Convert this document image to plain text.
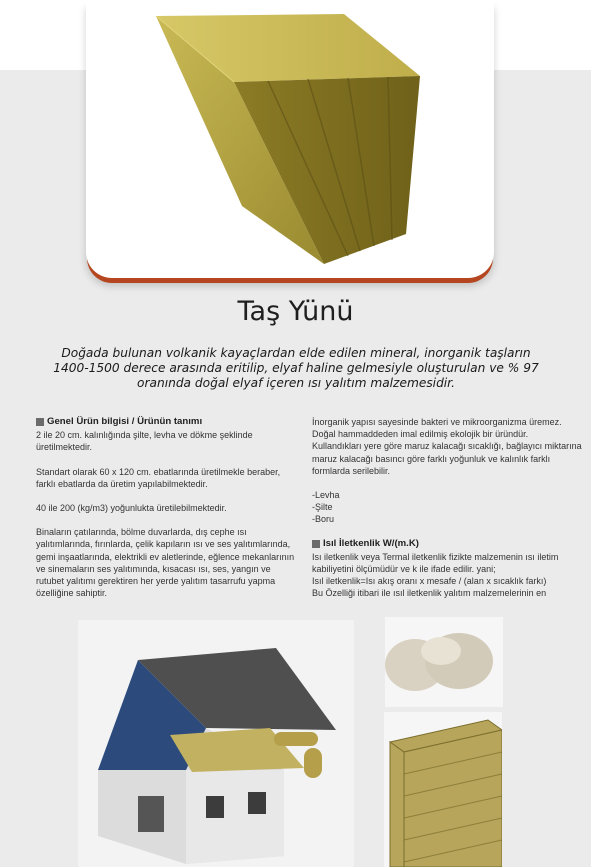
Taş Yünü
Doğada bulunan volkanik kayaçlardan elde edilen mineral, inorganik taşların 1400-1500 derece arasında eritilip, elyaf haline gelmesiyle oluşturulan ve % 97 oranında doğal elyaf içeren ısı yalıtım malzemesidir.
Genel Ürün bilgisi / Ürünün tanımı

2 ile 20 cm. kalınlığında şilte, levha ve dökme şeklinde üretilmektedir.

Standart olarak 60 x 120 cm. ebatlarında üretilmekle beraber, farklı ebatlarda da üretim yapılabilmektedir.

40 ile 200 (kg/m3) yoğunlukta üretilebilmektedir.

Binaların çatılarında, bölme duvarlarda, dış cephe ısı yalıtımlarında, fırınlarda, çelik kapıların ısı ve ses yalıtımlarında, gemi inşaatlarında, elektrikli ev aletlerinde, eğlence mekanlarının ve sinemaların ses yalıtımında, kısacası ısı, ses, yangın ve rutubet yalıtımı gerektiren her yerde yalıtım tasarrufu yapma özelliğine sahiptir.

İnorganik yapısı sayesinde bakteri ve mikroorganizma üremez. Doğal hammaddeden imal edilmiş ekolojik bir üründür.

Kullandıkları yere göre maruz kalacağı sıcaklığı, bağlayıcı miktarına maruz kalacağı basıncı göre farklı yoğunluk ve kalınlık farklı formlarda serilebilir.

-Levha
-Şilte
-Boru
Isıl İletkenlik W/(m.K)

Isı iletkenlik veya Termal iletkenlik fizikte malzemenin ısı iletim kabiliyetini ölçümüdür ve k ile ifade edilir. yani;

Isıl iletkenlik=Isı akış oranı x mesafe / (alan x sıcaklık farkı)

Bu Özelliği itibari ile ısıl iletkenlik yalıtım malzemelerinin en
